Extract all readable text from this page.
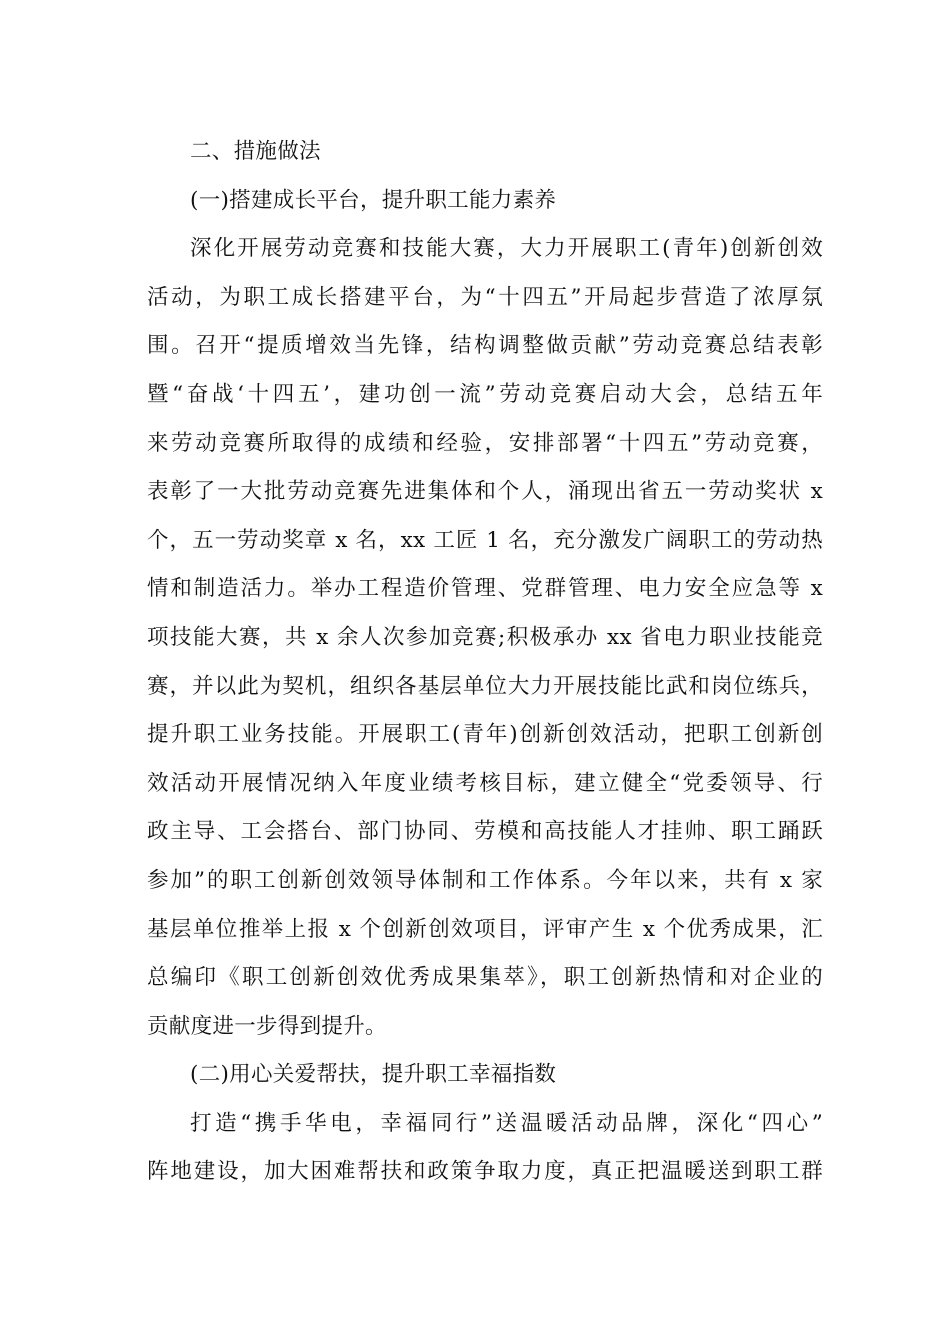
二、措施做法
(一)搭建成长平台，提升职工能力素养
深化开展劳动竞赛和技能大赛，大力开展职工(青年)创新创效
活动，为职工成长搭建平台，为“十四五”开局起步营造了浓厚氛
围。召开“提质增效当先锋，结构调整做贡献”劳动竞赛总结表彰
暨“奋战‘十四五’，建功创一流”劳动竞赛启动大会，总结五年
来劳动竞赛所取得的成绩和经验，安排部署“十四五”劳动竞赛，
表彰了一大批劳动竞赛先进集体和个人，涌现出省五一劳动奖状 x
个，五一劳动奖章 x 名，xx 工匠 1 名，充分激发广阔职工的劳动热
情和制造活力。举办工程造价管理、党群管理、电力安全应急等 x
项技能大赛，共 x 余人次参加竞赛;积极承办 xx 省电力职业技能竞
赛，并以此为契机，组织各基层单位大力开展技能比武和岗位练兵，
提升职工业务技能。开展职工(青年)创新创效活动，把职工创新创
效活动开展情况纳入年度业绩考核目标，建立健全“党委领导、行
政主导、工会搭台、部门协同、劳模和高技能人才挂帅、职工踊跃
参加”的职工创新创效领导体制和工作体系。今年以来，共有 x 家
基层单位推举上报 x 个创新创效项目，评审产生 x 个优秀成果，汇
总编印《职工创新创效优秀成果集萃》，职工创新热情和对企业的
贡献度进一步得到提升。
(二)用心关爱帮扶，提升职工幸福指数
打造“携手华电，幸福同行”送温暖活动品牌，深化“四心”
阵地建设，加大困难帮扶和政策争取力度，真正把温暖送到职工群
